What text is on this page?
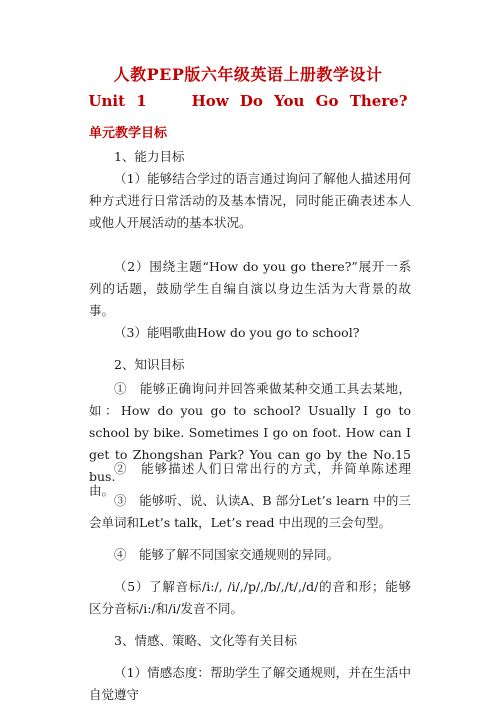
人教PEP版六年级英语上册教学设计
Unit 1    How Do You Go There?
单元教学目标
1、能力目标
（1）能够结合学过的语言通过询问了解他人描述用何种方式进行日常活动的及基本情况，同时能正确表述本人或他人开展活动的基本状况。
（2）围绕主题“How do you go there?”展开一系列的话题，鼓励学生自编自演以身边生活为大背景的故事。
（3）能唱歌曲How do you go to school?
2、知识目标
①　能够正确询问并回答乘做某种交通工具去某地，如：How do you go to school? Usually I go to school by bike. Sometimes I go on foot. How can I get to Zhongshan Park? You can go by the No.15 bus.
②　能够描述人们日常出行的方式，并简单陈述理由。
③　能够听、说、认读A、B 部分Let’s learn 中的三会单词和Let’s talk，Let’s read 中出现的三会句型。
④　能够了解不同国家交通规则的异同。
（5）了解音标/i:/, /i/,/p/,/b/,/t/,/d/的音和形；能够区分音标/i:/和/i/发音不同。
3、情感、策略、文化等有关目标
（1）情感态度：帮助学生了解交通规则，并在生活中自觉遵守
